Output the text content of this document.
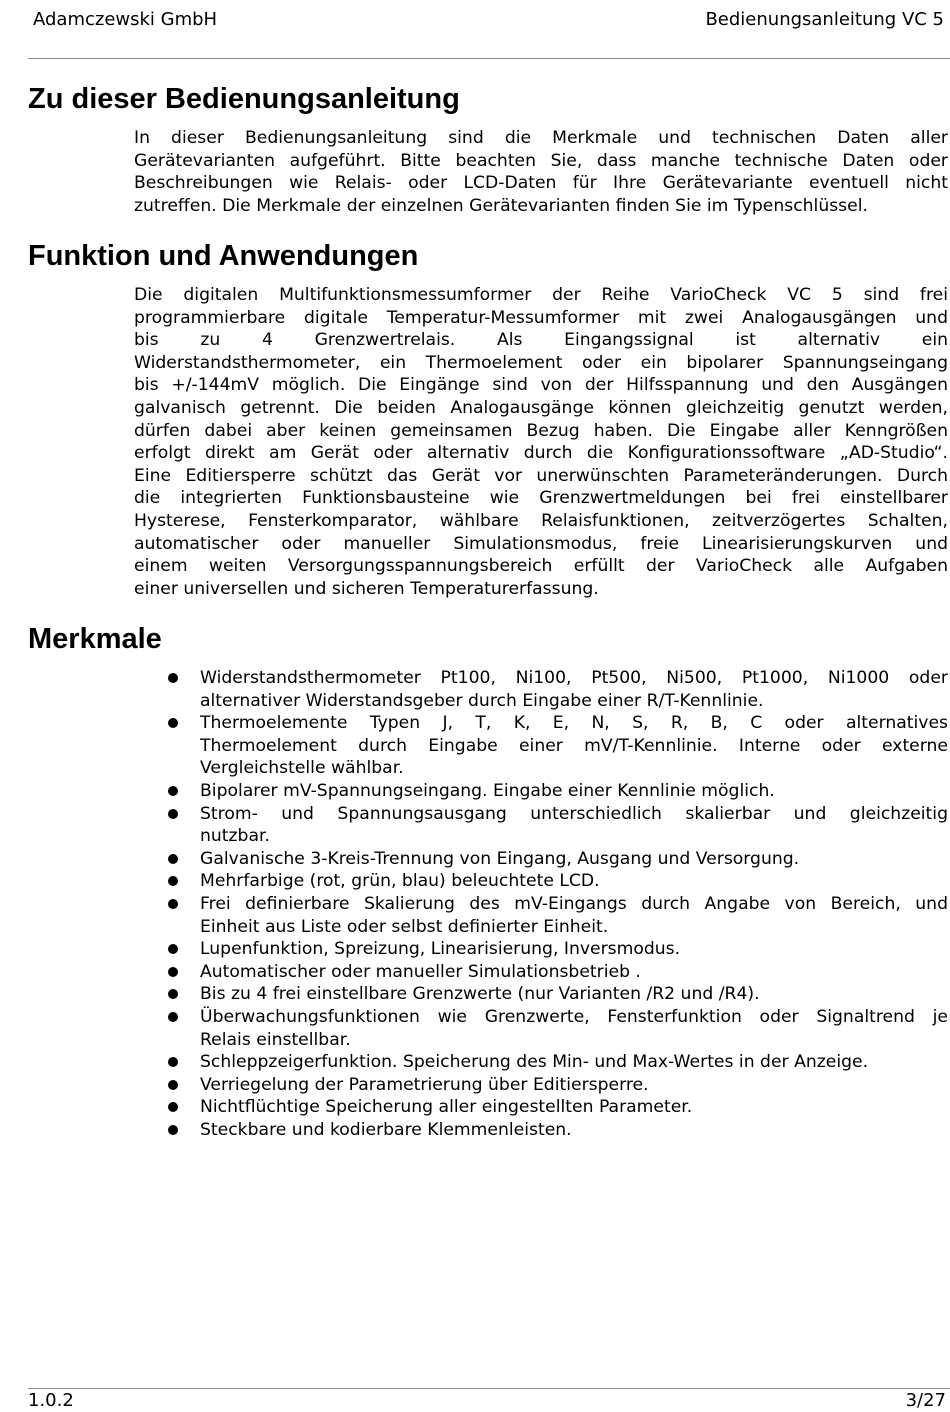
Adamczewski GmbH	Bedienungsanleitung VC 5
Zu dieser Bedienungsanleitung
In dieser Bedienungsanleitung sind die Merkmale und technischen Daten aller
Gerätevarianten aufgeführt. Bitte beachten Sie, dass manche technische Daten oder
Beschreibungen wie Relais- oder LCD-Daten für Ihre Gerätevariante eventuell nicht
zutreffen. Die Merkmale der einzelnen Gerätevarianten finden Sie im Typenschlüssel.
Funktion und Anwendungen
Die digitalen Multifunktionsmessumformer der Reihe VarioCheck VC 5 sind frei
programmierbare digitale Temperatur-Messumformer mit zwei Analogausgängen und
bis zu 4 Grenzwertrelais. Als Eingangssignal ist alternativ ein
Widerstandsthermometer, ein Thermoelement oder ein bipolarer Spannungseingang
bis +/-144mV möglich. Die Eingänge sind von der Hilfsspannung und den Ausgängen
galvanisch getrennt. Die beiden Analogausgänge können gleichzeitig genutzt werden,
dürfen dabei aber keinen gemeinsamen Bezug haben. Die Eingabe aller Kenngrößen
erfolgt direkt am Gerät oder alternativ durch die Konfigurationssoftware „AD-Studio“.
Eine Editiersperre schützt das Gerät vor unerwünschten Parameteränderungen. Durch
die integrierten Funktionsbausteine wie Grenzwertmeldungen bei frei einstellbarer
Hysterese, Fensterkomparator, wählbare Relaisfunktionen, zeitverzögertes Schalten,
automatischer oder manueller Simulationsmodus, freie Linearisierungskurven und
einem weiten Versorgungsspannungsbereich erfüllt der VarioCheck alle Aufgaben
einer universellen und sicheren Temperaturerfassung.
Merkmale
Widerstandsthermometer Pt100, Ni100, Pt500, Ni500, Pt1000, Ni1000 oder
alternativer Widerstandsgeber durch Eingabe einer R/T-Kennlinie.
Thermoelemente Typen J, T, K, E, N, S, R, B, C oder alternatives
Thermoelement durch Eingabe einer mV/T-Kennlinie. Interne oder externe
Vergleichstelle wählbar.
Bipolarer mV-Spannungseingang. Eingabe einer Kennlinie möglich.
Strom- und Spannungsausgang unterschiedlich skalierbar und gleichzeitig
nutzbar.
Galvanische 3-Kreis-Trennung von Eingang, Ausgang und Versorgung.
Mehrfarbige (rot, grün, blau) beleuchtete LCD.
Frei definierbare Skalierung des mV-Eingangs durch Angabe von Bereich, und
Einheit aus Liste oder selbst definierter Einheit.
Lupenfunktion, Spreizung, Linearisierung, Inversmodus.
Automatischer oder manueller Simulationsbetrieb .
Bis zu 4 frei einstellbare Grenzwerte (nur Varianten /R2 und /R4).
Überwachungsfunktionen wie Grenzwerte, Fensterfunktion oder Signaltrend je
Relais einstellbar.
Schleppzeigerfunktion. Speicherung des Min- und Max-Wertes in der Anzeige.
Verriegelung der Parametrierung über Editiersperre.
Nichtflüchtige Speicherung aller eingestellten Parameter.
Steckbare und kodierbare Klemmenleisten.
1.0.2	3/27
